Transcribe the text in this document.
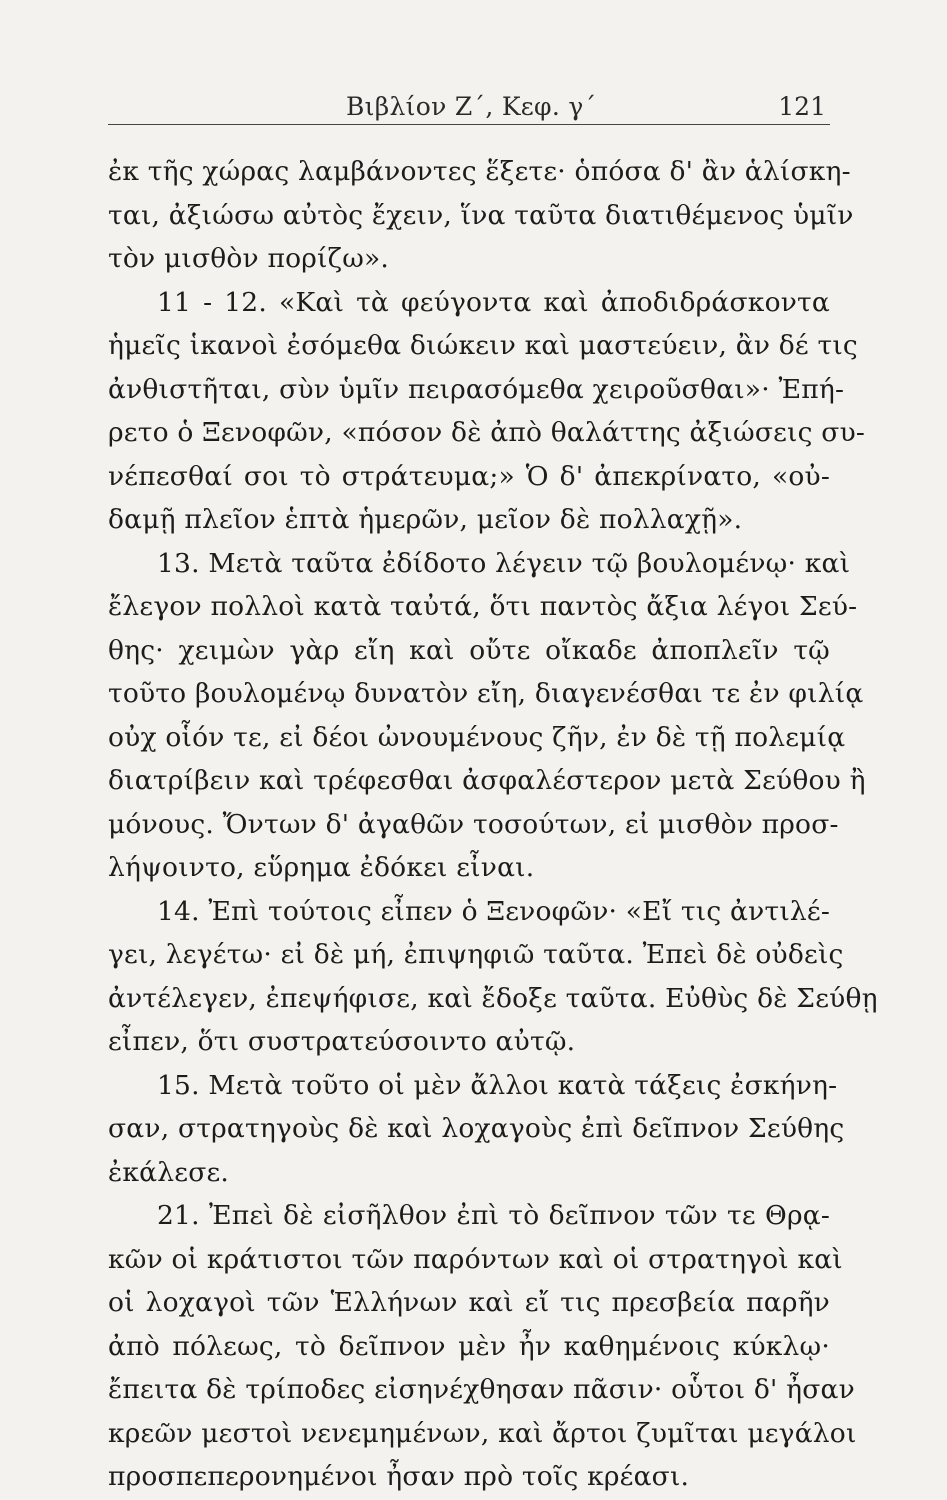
Βιβλίον Ζ΄, Κεφ. γ΄	121
ἐκ τῆς χώρας λαμβάνοντες ἕξετε· ὁπόσα δ' ἂν ἁλίσκη-
ται, ἀξιώσω αὐτὸς ἔχειν, ἵνα ταῦτα διατιθέμενος ὑμῖν
τὸν μισθὸν πορίζω».
11 - 12. «Καὶ τὰ φεύγοντα καὶ ἀποδιδράσκοντα
ἡμεῖς ἱκανοὶ ἐσόμεθα διώκειν καὶ μαστεύειν, ἂν δέ τις
ἀνθιστῆται, σὺν ὑμῖν πειρασόμεθα χειροῦσθαι»· Ἐπή-
ρετο ὁ Ξενοφῶν, «πόσον δὲ ἀπὸ θαλάττης ἀξιώσεις συ-
νέπεσθαί σοι τὸ στράτευμα;» Ὁ δ' ἀπεκρίνατο, «οὐ-
δαμῇ πλεῖον ἑπτὰ ἡμερῶν, μεῖον δὲ πολλαχῇ».
13. Μετὰ ταῦτα ἐδίδοτο λέγειν τῷ βουλομένῳ· καὶ
ἔλεγον πολλοὶ κατὰ ταὐτά, ὅτι παντὸς ἄξια λέγοι Σεύ-
θης· χειμὼν γὰρ εἴη καὶ οὔτε οἴκαδε ἀποπλεῖν τῷ
τοῦτο βουλομένῳ δυνατὸν εἴη, διαγενέσθαι τε ἐν φιλίᾳ
οὐχ οἷόν τε, εἰ δέοι ὠνουμένους ζῆν, ἐν δὲ τῇ πολεμίᾳ
διατρίβειν καὶ τρέφεσθαι ἀσφαλέστερον μετὰ Σεύθου ἢ
μόνους. Ὄντων δ' ἀγαθῶν τοσούτων, εἰ μισθὸν προσ-
λήψοιντο, εὕρημα ἐδόκει εἶναι.
14. Ἐπὶ τούτοις εἶπεν ὁ Ξενοφῶν· «Εἴ τις ἀντιλέ-
γει, λεγέτω· εἰ δὲ μή, ἐπιψηφιῶ ταῦτα. Ἐπεὶ δὲ οὐδεὶς
ἀντέλεγεν, ἐπεψήφισε, καὶ ἔδοξε ταῦτα. Εὐθὺς δὲ Σεύθῃ
εἶπεν, ὅτι συστρατεύσοιντο αὐτῷ.
15. Μετὰ τοῦτο οἱ μὲν ἄλλοι κατὰ τάξεις ἐσκήνη-
σαν, στρατηγοὺς δὲ καὶ λοχαγοὺς ἐπὶ δεῖπνον Σεύθης
ἐκάλεσε.
21. Ἐπεὶ δὲ εἰσῆλθον ἐπὶ τὸ δεῖπνον τῶν τε Θρᾳ-
κῶν οἱ κράτιστοι τῶν παρόντων καὶ οἱ στρατηγοὶ καὶ
οἱ λοχαγοὶ τῶν Ἑλλήνων καὶ εἴ τις πρεσβεία παρῆν
ἀπὸ πόλεως, τὸ δεῖπνον μὲν ἦν καθημένοις κύκλῳ·
ἔπειτα δὲ τρίποδες εἰσηνέχθησαν πᾶσιν· οὗτοι δ' ἦσαν
κρεῶν μεστοὶ νενεμημένων, καὶ ἄρτοι ζυμῖται μεγάλοι
προσπεπερονημένοι ἦσαν πρὸ τοῖς κρέασι.
